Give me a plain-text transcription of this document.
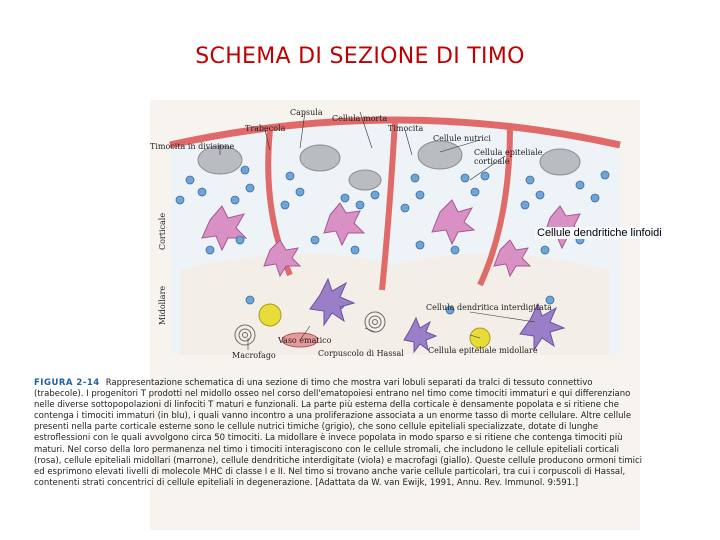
SCHEMA DI SEZIONE DI TIMO
Capsula
Cellula morta
Trabecola	Timocita
Timocita in divisione
Cellule nutrici
Cellula epiteliale corticale
Cellula dendritica interdigitata
Vaso ematico
Macrofago	Corpuscolo di Hassal	Cellula epiteliale midollare
Corticale
Midollare
Cellule dendritiche linfoidi
FIGURA 2-14 Rappresentazione schematica di una sezione di timo che mostra vari lobuli separati da tralci di tessuto connettivo (trabecole). I progenitori T prodotti nel midollo osseo nel corso dell'ematopoiesi entrano nel timo come timociti immaturi e qui differenziano nelle diverse sottopopolazioni di linfociti T maturi e funzionali. La parte più esterna della corticale è densamente popolata e si ritiene che contenga i timociti immaturi (in blu), i quali vanno incontro a una proliferazione associata a un enorme tasso di morte cellulare. Altre cellule presenti nella parte corticale esterne sono le cellule nutrici timiche (grigio), che sono cellule epiteliali specializzate, dotate di lunghe estroflessioni con le quali avvolgono circa 50 timociti. La midollare è invece popolata in modo sparso e si ritiene che contenga timociti più maturi. Nel corso della loro permanenza nel timo i timociti interagiscono con le cellule stromali, che includono le cellule epiteliali corticali (rosa), cellule epiteliali midollari (marrone), cellule dendritiche interdigitate (viola) e macrofagi (giallo). Queste cellule producono ormoni timici ed esprimono elevati livelli di molecole MHC di classe I e II. Nel timo si trovano anche varie cellule particolari, tra cui i corpuscoli di Hassal, contenenti strati concentrici di cellule epiteliali in degenerazione. [Adattata da W. van Ewijk, 1991, Annu. Rev. Immunol. 9:591.]
